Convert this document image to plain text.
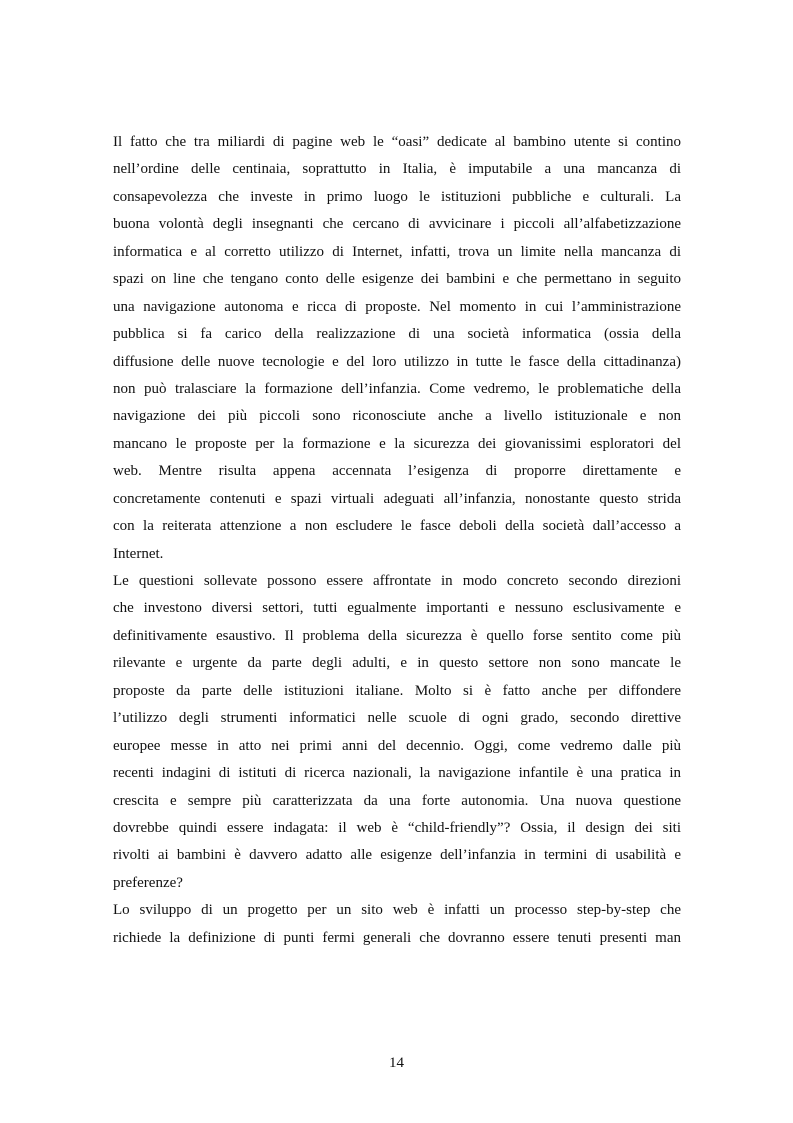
Il fatto che tra miliardi di pagine web le “oasi” dedicate al bambino utente si contino
nell’ordine delle centinaia, soprattutto in Italia, è imputabile a una mancanza di
consapevolezza che investe in primo luogo le istituzioni pubbliche e culturali. La
buona volontà degli insegnanti che cercano di avvicinare i piccoli all’alfabetizzazione
informatica e al corretto utilizzo di Internet, infatti, trova un limite nella mancanza di
spazi on line che tengano conto delle esigenze dei bambini e che permettano in seguito
una navigazione autonoma e ricca di proposte. Nel momento in cui l’amministrazione
pubblica si fa carico della realizzazione di una società informatica (ossia della
diffusione delle nuove tecnologie e del loro utilizzo in tutte le fasce della cittadinanza)
non può tralasciare la formazione dell’infanzia. Come vedremo, le problematiche della
navigazione dei più piccoli sono riconosciute anche a livello istituzionale e non
mancano le proposte per la formazione e la sicurezza dei giovanissimi esploratori del
web. Mentre risulta appena accennata l’esigenza di proporre direttamente e
concretamente contenuti e spazi virtuali adeguati all’infanzia, nonostante questo strida
con la reiterata attenzione a non escludere le fasce deboli della società dall’accesso a
Internet.
Le questioni sollevate possono essere affrontate in modo concreto secondo direzioni
che investono diversi settori, tutti egualmente importanti e nessuno esclusivamente e
definitivamente esaustivo. Il problema della sicurezza è quello forse sentito come più
rilevante e urgente da parte degli adulti, e in questo settore non sono mancate le
proposte da parte delle istituzioni italiane. Molto si è fatto anche per diffondere
l’utilizzo degli strumenti informatici nelle scuole di ogni grado, secondo direttive
europee messe in atto nei primi anni del decennio. Oggi, come vedremo dalle più
recenti indagini di istituti di ricerca nazionali, la navigazione infantile è una pratica in
crescita e sempre più caratterizzata da una forte autonomia. Una nuova questione
dovrebbe quindi essere indagata: il web è “child-friendly”? Ossia, il design dei siti
rivolti ai bambini è davvero adatto alle esigenze dell’infanzia in termini di usabilità e
preferenze?
Lo sviluppo di un progetto per un sito web è infatti un processo step-by-step che
richiede la definizione di punti fermi generali che dovranno essere tenuti presenti man
14
